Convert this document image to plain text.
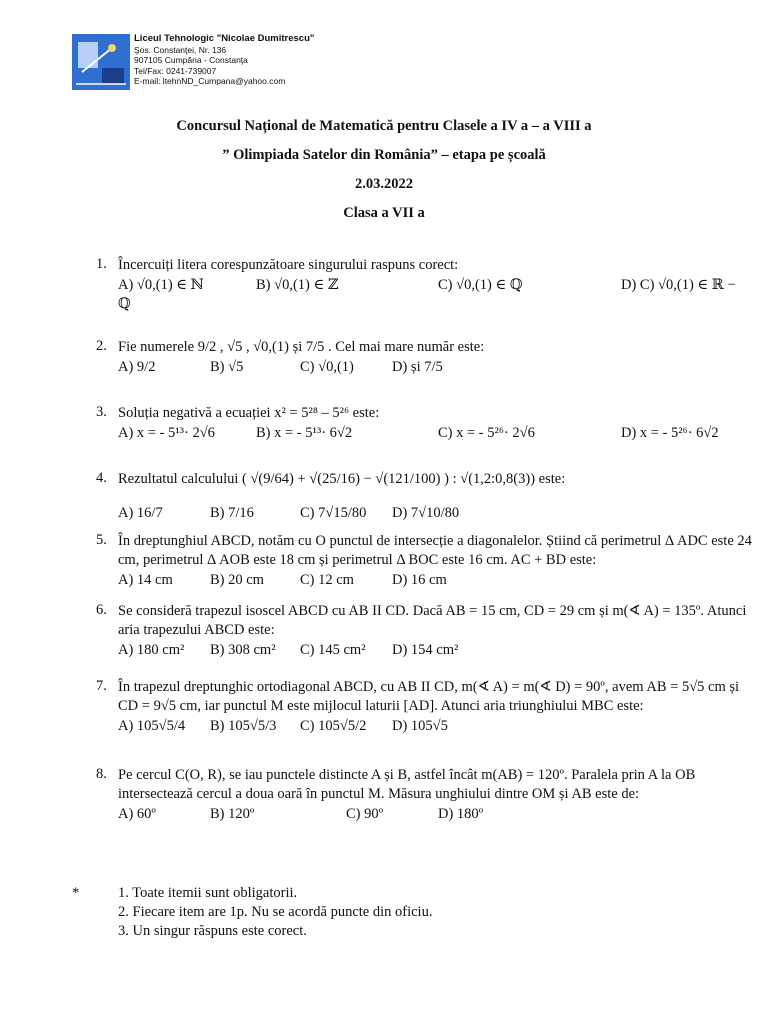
Liceul Tehnologic "Nicolae Dumitrescu"
Şos. Constanţei, Nr. 136
907105 Cumpăna - Constanţa
Tel/Fax: 0241-739007
E-mail: ltehnND_Cumpana@yahoo.com
Concursul Național de Matematică pentru Clasele a IV a – a VIII a
” Olimpiada Satelor din România” – etapa pe școală
2.03.2022
Clasa a VII a
1. Încercuiți litera corespunzătoare singurului raspuns corect:
A) √0,(1) ∈ ℕ	B) √0,(1) ∈ ℤ	C) √0,(1) ∈ ℚ	D) C) √0,(1) ∈ ℝ −
ℚ
2. Fie numerele 9/2 , √5 , √0,(1) și 7/5 . Cel mai mare număr este:
A) 9/2	B) √5	C) √0,(1)	D) și 7/5
3. Soluția negativă a ecuației x² = 5²⁸ – 5²⁶ este:
A) x = - 5¹³· 2√6	B) x = - 5¹³· 6√2	C) x = - 5²⁶· 2√6	D) x = - 5²⁶· 6√2
4. Rezultatul calculului ( √(9/64) + √(25/16) − √(121/100) ) : √(1,2:0,8(3)) este:
A) 16/7	B) 7/16	C) 7√15/80 D) 7√10/80
5. În dreptunghiul ABCD, notăm cu O punctul de intersecție a diagonalelor. Știind că perimetrul Δ ADC este 24 cm, perimetrul Δ AOB este 18 cm și perimetrul Δ BOC este 16 cm. AC + BD este:
A) 14 cm	B) 20 cm C) 12 cm	D) 16 cm
6. Se consideră trapezul isoscel ABCD cu AB II CD. Dacă AB = 15 cm, CD = 29 cm și m(∢ A) = 135º. Atunci aria trapezului ABCD este:
A) 180 cm² B) 308 cm² C) 145 cm² D) 154 cm²
7. În trapezul dreptunghic ortodiagonal ABCD, cu AB II CD, m(∢ A) = m(∢ D) = 90º, avem AB = 5√5 cm și CD = 9√5 cm, iar punctul M este mijlocul laturii [AD]. Atunci aria triunghiului MBC este:
A) 105√5/4 B) 105√5/3 C) 105√5/2 D) 105√5
8. Pe cercul C(O, R), se iau punctele distincte A și B, astfel încât m(AB) = 120º. Paralela prin A la OB intersectează cercul a doua oară în punctul M. Măsura unghiului dintre OM și AB este de:
A) 60º	B) 120º	C) 90º	D) 180º
*	1. Toate itemii sunt obligatorii.
2. Fiecare item are 1p. Nu se acordă puncte din oficiu.
3. Un singur răspuns este corect.
